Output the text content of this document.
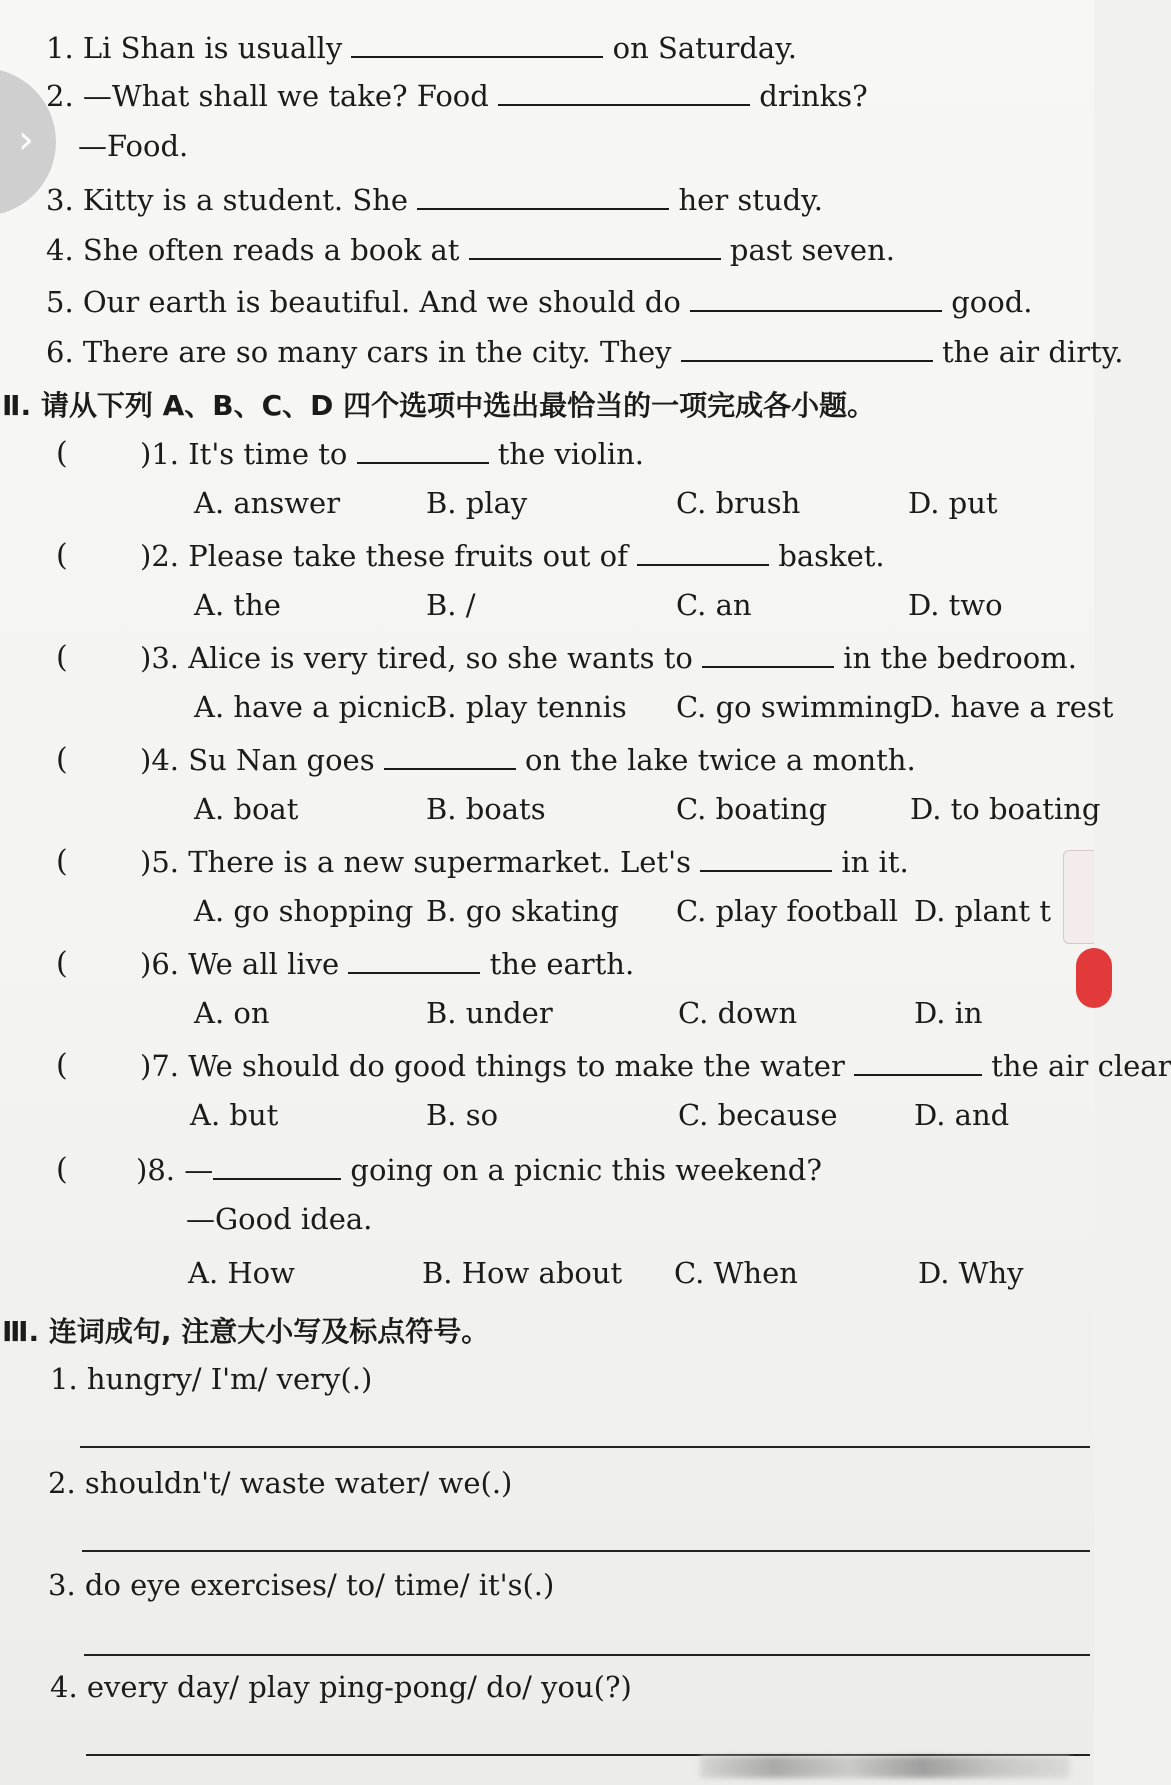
1. Li Shan is usually	on Saturday.
2. —What shall we take? Food	drinks?
—Food.
3. Kitty is a student. She	her study.
4. She often reads a book at	past seven.
5. Our earth is beautiful. And we should do	good.
6. There are so many cars in the city. They	the air dirty.
Ⅱ. 请从下列 A、B、C、D 四个选项中选出最恰当的一项完成各小题。
( )1. It's time to	the violin.
A. answer	B. play	C. brush	D. put
( )2. Please take these fruits out of	basket.
A. the	B. /	C. an	D. two
( )3. Alice is very tired, so she wants to	in the bedroom.
A. have a picnic B. play tennis C. go swimming
D. have a rest
( )4. Su Nan goes	on the lake twice a month.
A. boat	B. boats	C. boating	D. to boating
( )5. There is a new supermarket. Let's	in it.
A. go shopping B. go skating C. play football D. plant t
( )6. We all live	the earth.
A. on	B. under	C. down	D. in
( )7. We should do good things to make the water	the air clear
A. but	B. so	C. because	D. and
( )8. —	going on a picnic this weekend?
—Good idea.
A. How	B. How about C. When	D. Why
Ⅲ. 连词成句, 注意大小写及标点符号。
1. hungry/ I'm/ very(.)
2. shouldn't/ waste water/ we(.)
3. do eye exercises/ to/ time/ it's(.)
4. every day/ play ping-pong/ do/ you(?)
›
